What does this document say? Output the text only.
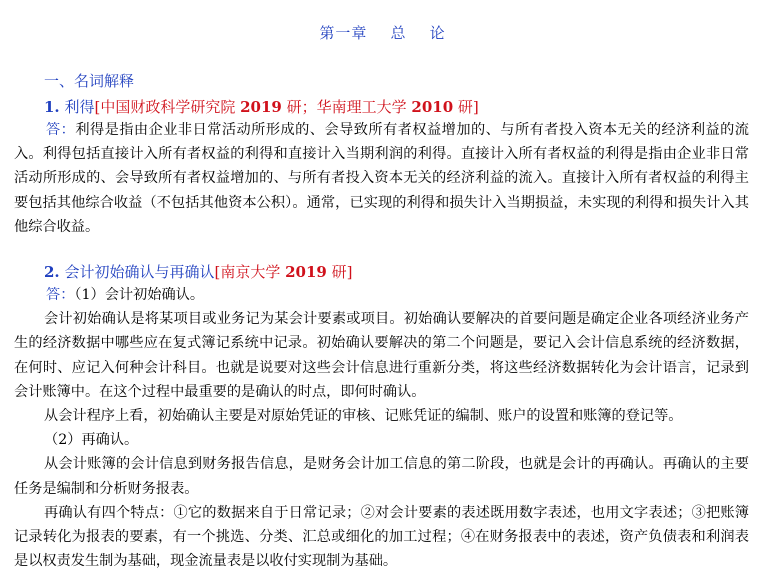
第一章    总    论
一、名词解释
1. 利得[中国财政科学研究院 2019 研；华南理工大学 2010 研]

答：利得是指由企业非日常活动所形成的、会导致所有者权益增加的、与所有者投入资本无关的经济利益的流入。利得包括直接计入所有者权益的利得和直接计入当期利润的利得。直接计入所有者权益的利得是指由企业非日常活动所形成的、会导致所有者权益增加的、与所有者投入资本无关的经济利益的流入。直接计入所有者权益的利得主要包括其他综合收益（不包括其他资本公积）。通常，已实现的利得和损失计入当期损益，未实现的利得和损失计入其他综合收益。

2. 会计初始确认与再确认[南京大学 2019 研]

答：（1）会计初始确认。

会计初始确认是将某项目或业务记为某会计要素或项目。初始确认要解决的首要问题是确定企业各项经济业务产生的经济数据中哪些应在复式簿记系统中记录。初始确认要解决的第二个问题是，要记入会计信息系统的经济数据，在何时、应记入何种会计科目。也就是说要对这些会计信息进行重新分类，将这些经济数据转化为会计语言，记录到会计账簿中。在这个过程中最重要的是确认的时点，即何时确认。

从会计程序上看，初始确认主要是对原始凭证的审核、记账凭证的编制、账户的设置和账簿的登记等。

（2）再确认。

从会计账簿的会计信息到财务报告信息，是财务会计加工信息的第二阶段，也就是会计的再确认。再确认的主要任务是编制和分析财务报表。

再确认有四个特点：①它的数据来自于日常记录；②对会计要素的表述既用数字表述，也用文字表述；③把账簿记录转化为报表的要素，有一个挑选、分类、汇总或细化的加工过程；④在财务报表中的表述，资产负债表和利润表是以权责发生制为基础，现金流量表是以收付实现制为基础。
